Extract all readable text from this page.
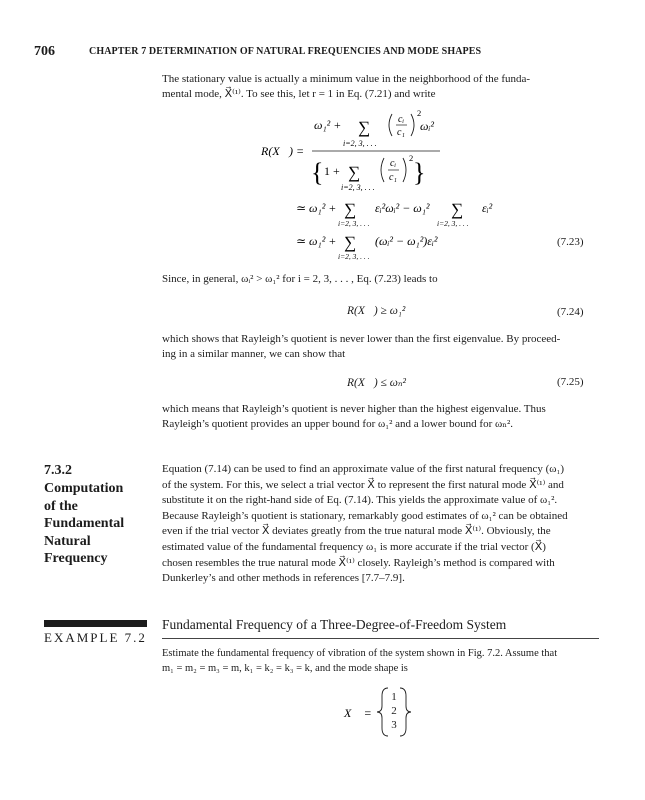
706	CHAPTER 7 DETERMINATION OF NATURAL FREQUENCIES AND MODE SHAPES
The stationary value is actually a minimum value in the neighborhood of the funda-
mental mode, X⃗⁽¹⁾. To see this, let r = 1 in Eq. (7.21) and write
ω₁² + ∑
i=2, 3, . . .
cᵢ
c₁
2
ωᵢ²
R(X⃗) =
{ 1 + ∑
i=2, 3, . . .
cᵢ
c₁
2 }
≃ ω₁² + ∑
i=2, 3, . . .
εᵢ²ωᵢ² − ω₁² ∑
i=2, 3, . . .
εᵢ²
≃ ω₁² + ∑
i=2, 3, . . .
(ωᵢ² − ω₁²)εᵢ²
X⃗ =
(7.23)
Since, in general, ωᵢ² > ω₁² for i = 2, 3, . . . , Eq. (7.23) leads to
R(X⃗) ≥ ω₁²	(7.24)
which shows that Rayleigh’s quotient is never lower than the first eigenvalue. By proceed-
ing in a similar manner, we can show that
R(X⃗) ≤ ωₙ²	(7.25)
which means that Rayleigh’s quotient is never higher than the highest eigenvalue. Thus
Rayleigh’s quotient provides an upper bound for ω₁² and a lower bound for ωₙ².
7.3.2
Computation
of the
Fundamental
Natural
Frequency
Equation (7.14) can be used to find an approximate value of the first natural frequency (ω₁)
of the system. For this, we select a trial vector X⃗ to represent the first natural mode X⃗⁽¹⁾ and
substitute it on the right-hand side of Eq. (7.14). This yields the approximate value of ω₁².
Because Rayleigh’s quotient is stationary, remarkably good estimates of ω₁² can be obtained
even if the trial vector X⃗ deviates greatly from the true natural mode X⃗⁽¹⁾. Obviously, the
estimated value of the fundamental frequency ω₁ is more accurate if the trial vector (X⃗)
chosen resembles the true natural mode X⃗⁽¹⁾ closely. Rayleigh’s method is compared with
Dunkerley’s and other methods in references [7.7–7.9].
EXAMPLE 7.2
Fundamental Frequency of a Three-Degree-of-Freedom System
Estimate the fundamental frequency of vibration of the system shown in Fig. 7.2. Assume that
m₁ = m₂ = m₃ = m, k₁ = k₂ = k₃ = k, and the mode shape is
1
2
3
